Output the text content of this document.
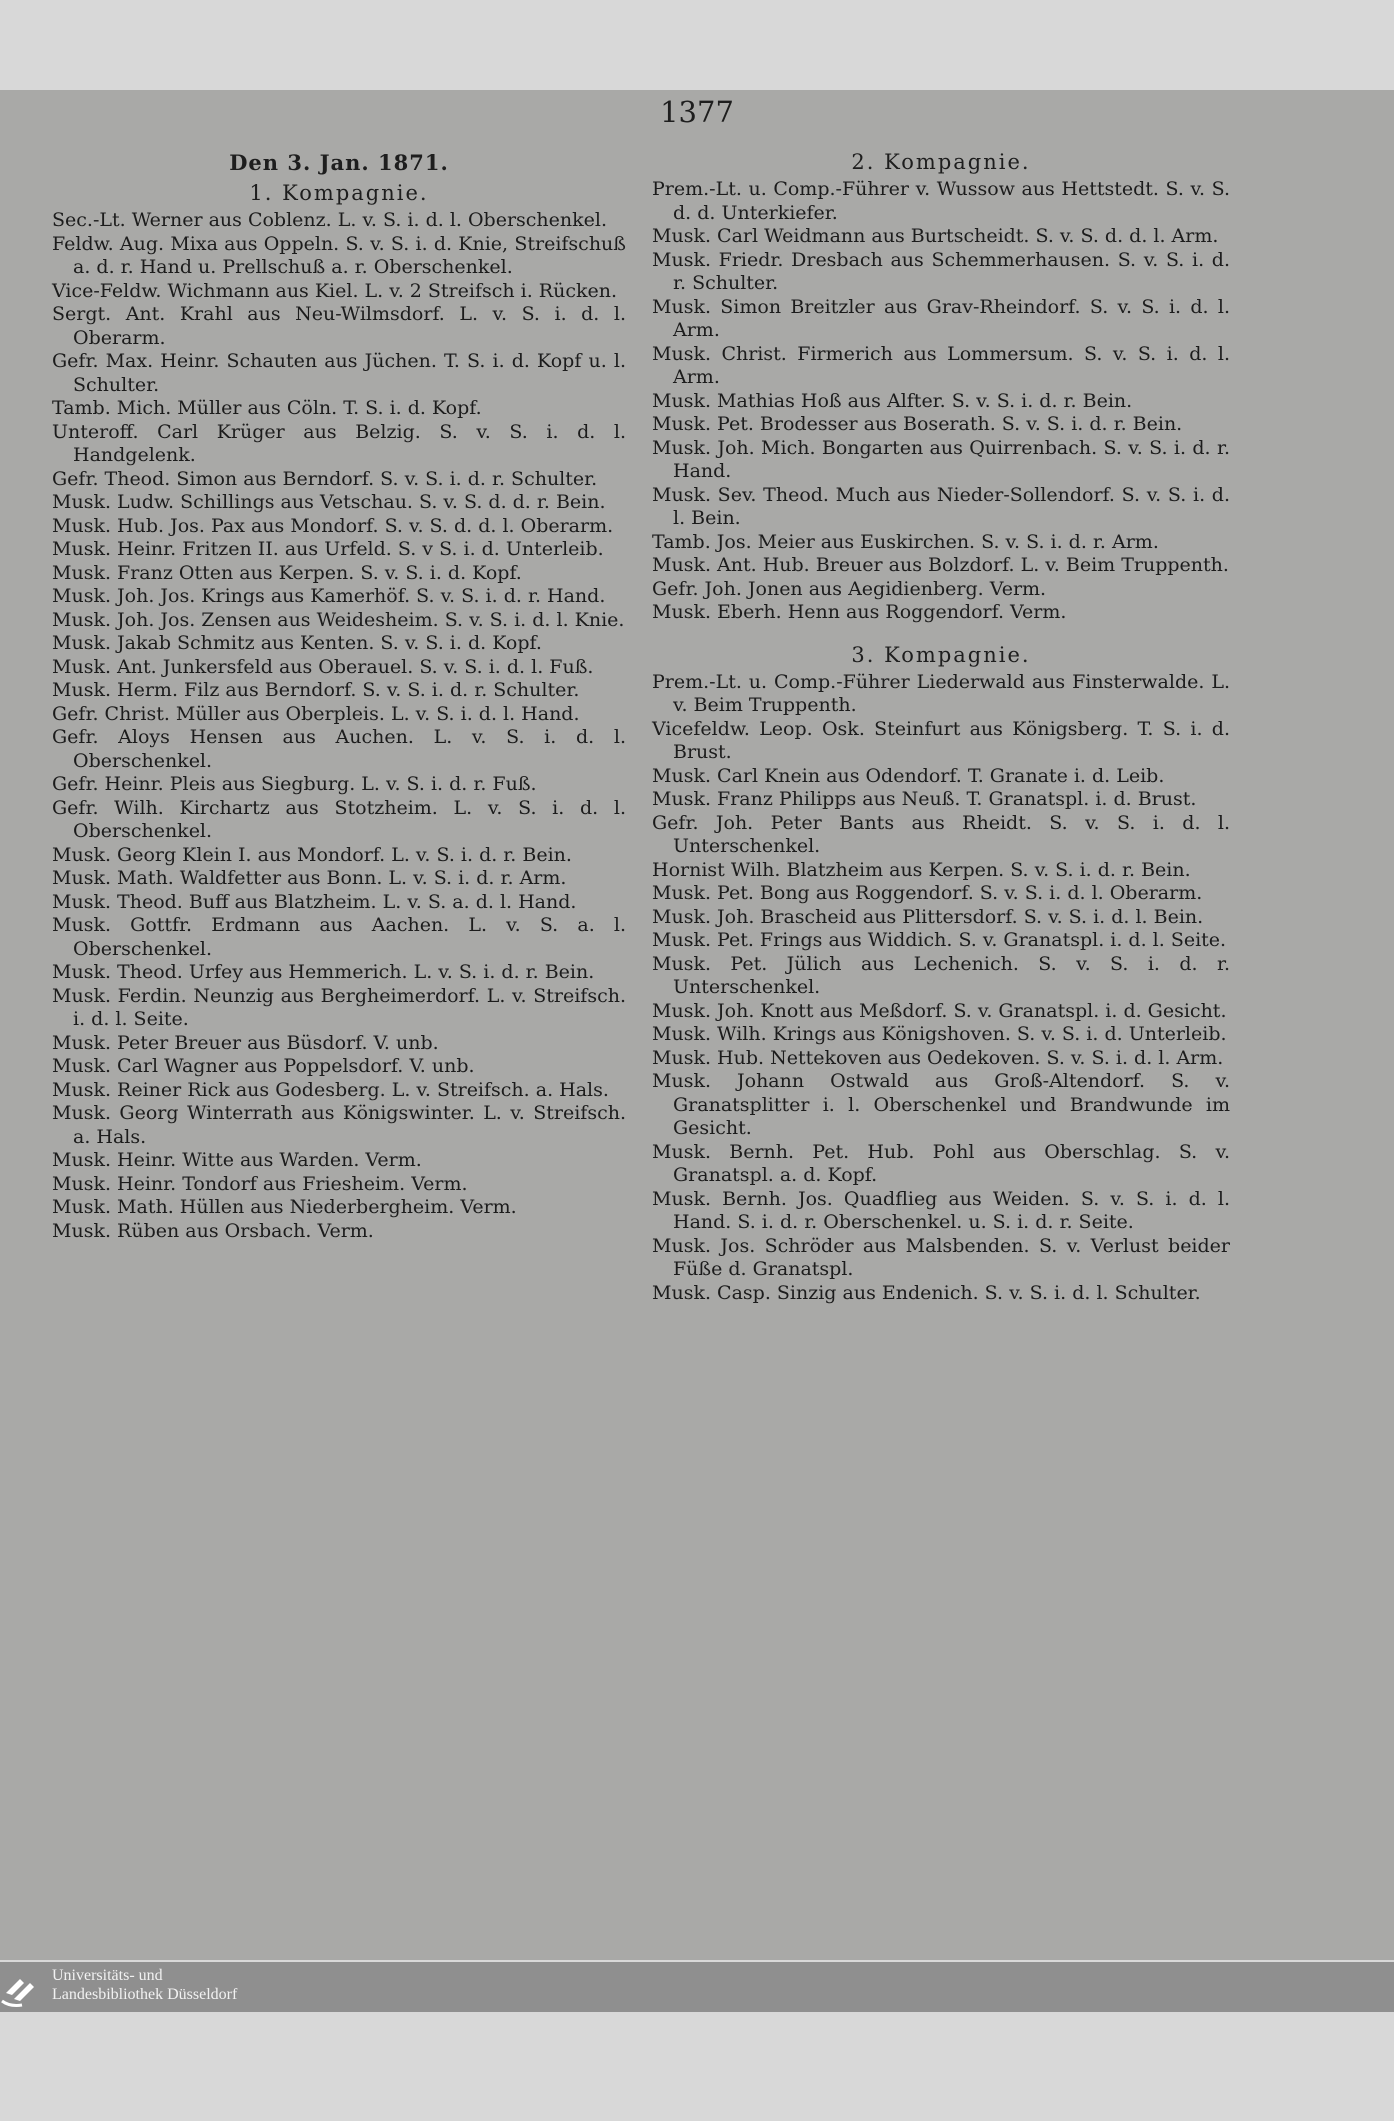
1377
Den 3. Jan. 1871.
1. Kompagnie.

Sec.-Lt. Werner aus Coblenz. L. v. S. i. d. l. Oberschenkel.

Feldw. Aug. Mixa aus Oppeln. S. v. S. i. d. Knie, Streifschuß a. d. r. Hand u. Prellschuß a. r. Oberschenkel.

Vice-Feldw. Wichmann aus Kiel. L. v. 2 Streifsch i. Rücken.

Sergt. Ant. Krahl aus Neu-Wilmsdorf. L. v. S. i. d. l. Oberarm.

Gefr. Max. Heinr. Schauten aus Jüchen. T. S. i. d. Kopf u. l. Schulter.

Tamb. Mich. Müller aus Cöln. T. S. i. d. Kopf.

Unteroff. Carl Krüger aus Belzig. S. v. S. i. d. l. Handgelenk.

Gefr. Theod. Simon aus Berndorf. S. v. S. i. d. r. Schulter.

Musk. Ludw. Schillings aus Vetschau. S. v. S. d. d. r. Bein.

Musk. Hub. Jos. Pax aus Mondorf. S. v. S. d. d. l. Oberarm.

Musk. Heinr. Fritzen II. aus Urfeld. S. v S. i. d. Unterleib.

Musk. Franz Otten aus Kerpen. S. v. S. i. d. Kopf.

Musk. Joh. Jos. Krings aus Kamerhöf. S. v. S. i. d. r. Hand.

Musk. Joh. Jos. Zensen aus Weidesheim. S. v. S. i. d. l. Knie.

Musk. Jakab Schmitz aus Kenten. S. v. S. i. d. Kopf.

Musk. Ant. Junkersfeld aus Oberauel. S. v. S. i. d. l. Fuß.

Musk. Herm. Filz aus Berndorf. S. v. S. i. d. r. Schulter.

Gefr. Christ. Müller aus Oberpleis. L. v. S. i. d. l. Hand.

Gefr. Aloys Hensen aus Auchen. L. v. S. i. d. l. Oberschenkel.

Gefr. Heinr. Pleis aus Siegburg. L. v. S. i. d. r. Fuß.

Gefr. Wilh. Kirchartz aus Stotzheim. L. v. S. i. d. l. Oberschenkel.

Musk. Georg Klein I. aus Mondorf. L. v. S. i. d. r. Bein.

Musk. Math. Waldfetter aus Bonn. L. v. S. i. d. r. Arm.

Musk. Theod. Buff aus Blatzheim. L. v. S. a. d. l. Hand.

Musk. Gottfr. Erdmann aus Aachen. L. v. S. a. l. Oberschenkel.

Musk. Theod. Urfey aus Hemmerich. L. v. S. i. d. r. Bein.

Musk. Ferdin. Neunzig aus Bergheimerdorf. L. v. Streifsch. i. d. l. Seite.

Musk. Peter Breuer aus Büsdorf. V. unb.

Musk. Carl Wagner aus Poppelsdorf. V. unb.

Musk. Reiner Rick aus Godesberg. L. v. Streifsch. a. Hals.

Musk. Georg Winterrath aus Königswinter. L. v. Streifsch. a. Hals.

Musk. Heinr. Witte aus Warden. Verm.

Musk. Heinr. Tondorf aus Friesheim. Verm.

Musk. Math. Hüllen aus Niederbergheim. Verm.

Musk. Rüben aus Orsbach. Verm.

2. Kompagnie.

Prem.-Lt. u. Comp.-Führer v. Wussow aus Hettstedt. S. v. S. d. d. Unterkiefer.

Musk. Carl Weidmann aus Burtscheidt. S. v. S. d. d. l. Arm.

Musk. Friedr. Dresbach aus Schemmerhausen. S. v. S. i. d. r. Schulter.

Musk. Simon Breitzler aus Grav-Rheindorf. S. v. S. i. d. l. Arm.

Musk. Christ. Firmerich aus Lommersum. S. v. S. i. d. l. Arm.

Musk. Mathias Hoß aus Alfter. S. v. S. i. d. r. Bein.

Musk. Pet. Brodesser aus Boserath. S. v. S. i. d. r. Bein.

Musk. Joh. Mich. Bongarten aus Quirrenbach. S. v. S. i. d. r. Hand.

Musk. Sev. Theod. Much aus Nieder-Sollendorf. S. v. S. i. d. l. Bein.

Tamb. Jos. Meier aus Euskirchen. S. v. S. i. d. r. Arm.

Musk. Ant. Hub. Breuer aus Bolzdorf. L. v. Beim Truppenth.

Gefr. Joh. Jonen aus Aegidienberg. Verm.

Musk. Eberh. Henn aus Roggendorf. Verm.

3. Kompagnie.

Prem.-Lt. u. Comp.-Führer Liederwald aus Finsterwalde. L. v. Beim Truppenth.

Vicefeldw. Leop. Osk. Steinfurt aus Königsberg. T. S. i. d. Brust.

Musk. Carl Knein aus Odendorf. T. Granate i. d. Leib.

Musk. Franz Philipps aus Neuß. T. Granatspl. i. d. Brust.

Gefr. Joh. Peter Bants aus Rheidt. S. v. S. i. d. l. Unterschenkel.

Hornist Wilh. Blatzheim aus Kerpen. S. v. S. i. d. r. Bein.

Musk. Pet. Bong aus Roggendorf. S. v. S. i. d. l. Oberarm.

Musk. Joh. Brascheid aus Plittersdorf. S. v. S. i. d. l. Bein.

Musk. Pet. Frings aus Widdich. S. v. Granatspl. i. d. l. Seite.

Musk. Pet. Jülich aus Lechenich. S. v. S. i. d. r. Unterschenkel.

Musk. Joh. Knott aus Meßdorf. S. v. Granatspl. i. d. Gesicht.

Musk. Wilh. Krings aus Königshoven. S. v. S. i. d. Unterleib.

Musk. Hub. Nettekoven aus Oedekoven. S. v. S. i. d. l. Arm.

Musk. Johann Ostwald aus Groß-Altendorf. S. v. Granatsplitter i. l. Oberschenkel und Brandwunde im Gesicht.

Musk. Bernh. Pet. Hub. Pohl aus Oberschlag. S. v. Granatspl. a. d. Kopf.

Musk. Bernh. Jos. Quadflieg aus Weiden. S. v. S. i. d. l. Hand. S. i. d. r. Oberschenkel. u. S. i. d. r. Seite.

Musk. Jos. Schröder aus Malsbenden. S. v. Verlust beider Füße d. Granatspl.

Musk. Casp. Sinzig aus Endenich. S. v. S. i. d. l. Schulter.

Universitäts- und
Landesbibliothek Düsseldorf
